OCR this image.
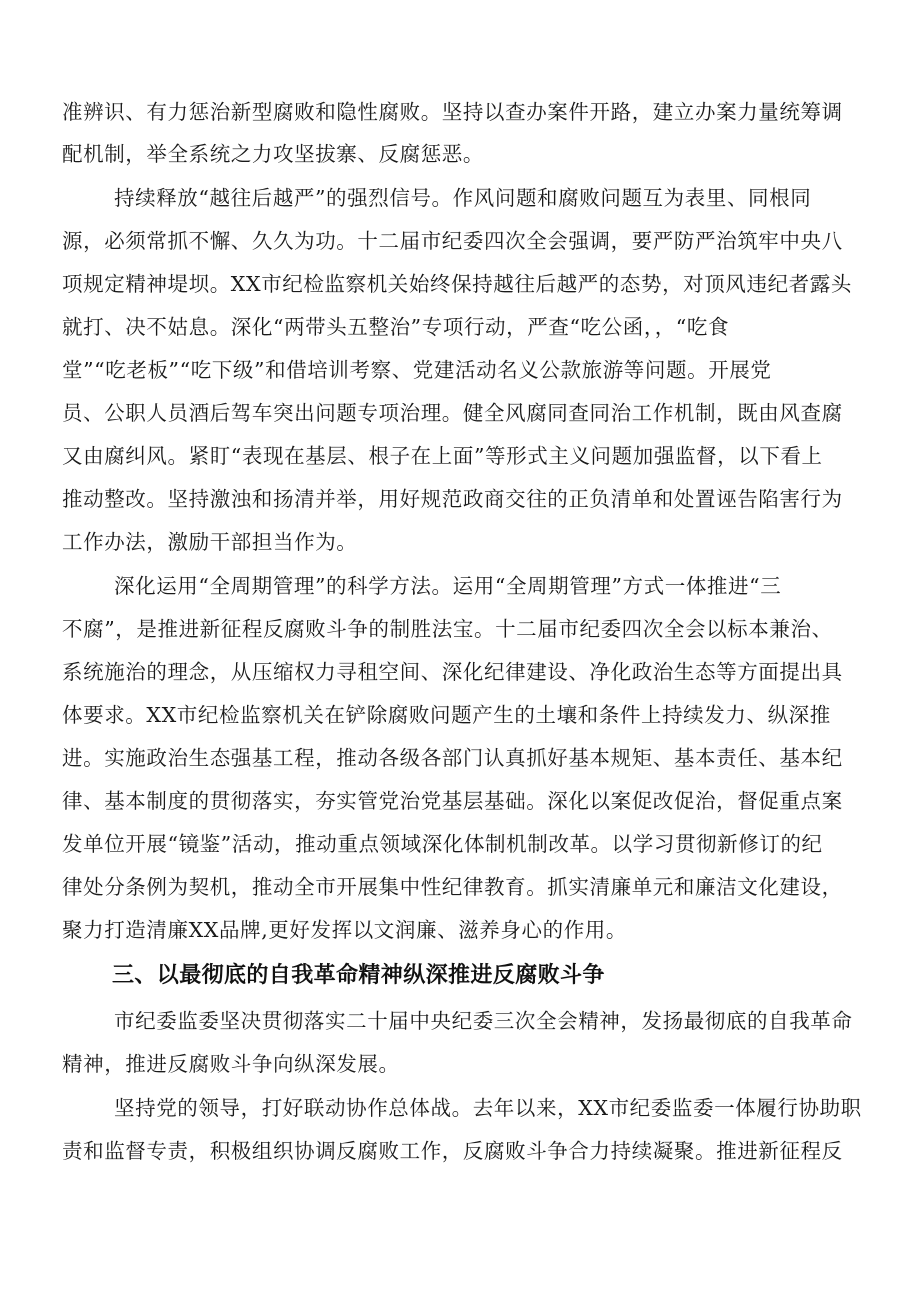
准辨识、有力惩治新型腐败和隐性腐败。坚持以查办案件开路，建立办案力量统筹调
配机制，举全系统之力攻坚拔寨、反腐惩恶。
持续释放“越往后越严”的强烈信号。作风问题和腐败问题互为表里、同根同
源，必须常抓不懈、久久为功。十二届市纪委四次全会强调，要严防严治筑牢中央八
项规定精神堤坝。XX市纪检监察机关始终保持越往后越严的态势，对顶风违纪者露头
就打、决不姑息。深化“两带头五整治”专项行动，严查“吃公函，，“吃食
堂”“吃老板”“吃下级”和借培训考察、党建活动名义公款旅游等问题。开展党
员、公职人员酒后驾车突出问题专项治理。健全风腐同查同治工作机制，既由风查腐
又由腐纠风。紧盯“表现在基层、根子在上面”等形式主义问题加强监督，以下看上
推动整改。坚持激浊和扬清并举，用好规范政商交往的正负清单和处置诬告陷害行为
工作办法，激励干部担当作为。
深化运用“全周期管理”的科学方法。运用“全周期管理”方式一体推进“三
不腐”，是推进新征程反腐败斗争的制胜法宝。十二届市纪委四次全会以标本兼治、
系统施治的理念，从压缩权力寻租空间、深化纪律建设、净化政治生态等方面提出具
体要求。XX市纪检监察机关在铲除腐败问题产生的土壤和条件上持续发力、纵深推
进。实施政治生态强基工程，推动各级各部门认真抓好基本规矩、基本责任、基本纪
律、基本制度的贯彻落实，夯实管党治党基层基础。深化以案促改促治，督促重点案
发单位开展“镜鉴”活动，推动重点领域深化体制机制改革。以学习贯彻新修订的纪
律处分条例为契机，推动全市开展集中性纪律教育。抓实清廉单元和廉洁文化建设，
聚力打造清廉XX品牌,更好发挥以文润廉、滋养身心的作用。
三、以最彻底的自我革命精神纵深推进反腐败斗争
市纪委监委坚决贯彻落实二十届中央纪委三次全会精神，发扬最彻底的自我革命
精神，推进反腐败斗争向纵深发展。
坚持党的领导，打好联动协作总体战。去年以来，XX市纪委监委一体履行协助职
责和监督专责，积极组织协调反腐败工作，反腐败斗争合力持续凝聚。推进新征程反
